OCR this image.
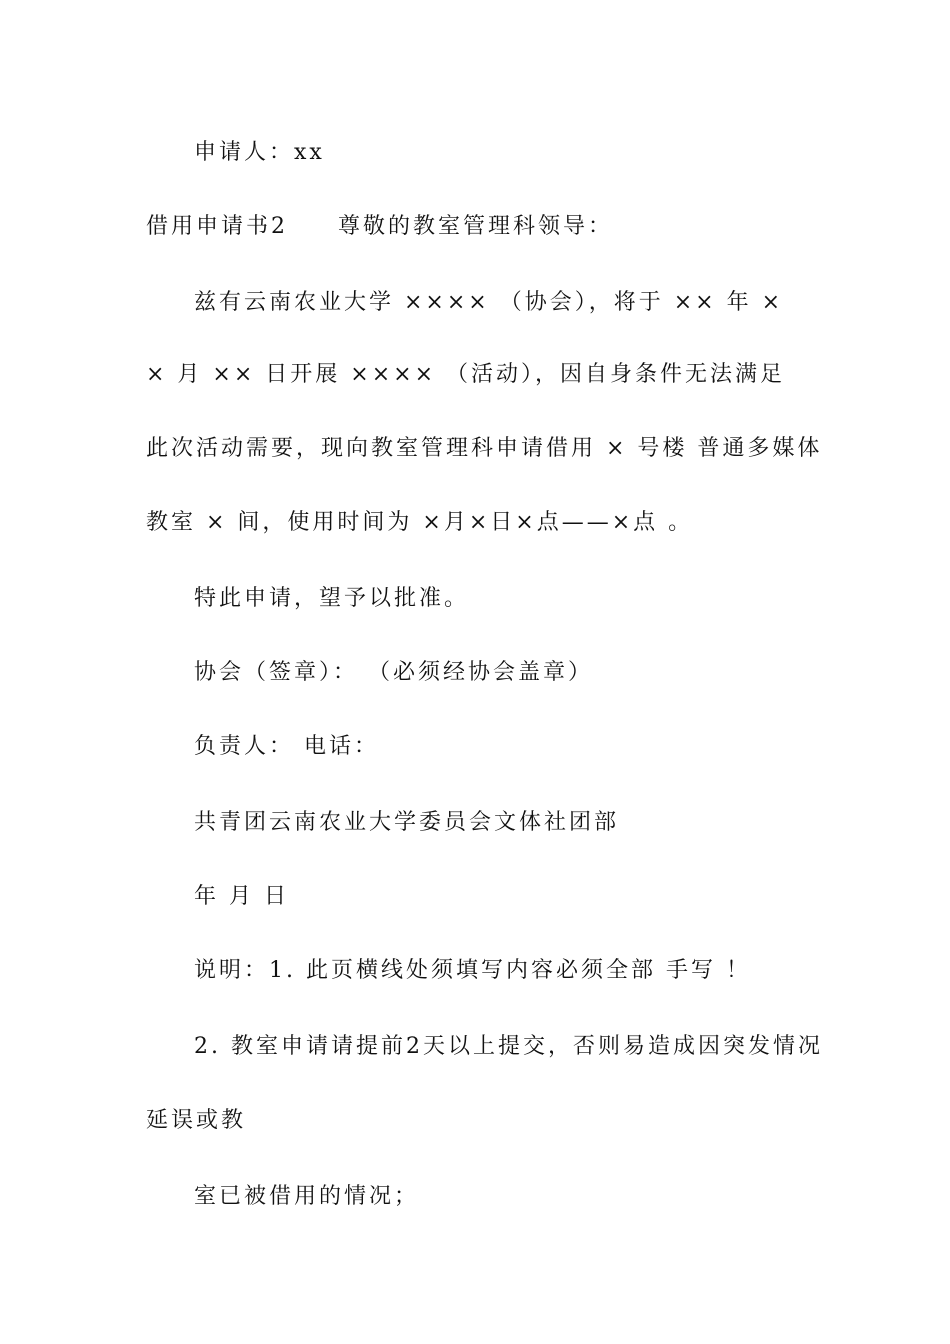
申请人：xx
借用申请书2　　尊敬的教室管理科领导：
兹有云南农业大学 ×××× （协会），将于 ×× 年 ×
× 月 ×× 日开展 ×××× （活动），因自身条件无法满足
此次活动需要，现向教室管理科申请借用 × 号楼 普通多媒体
教室 × 间，使用时间为 ×月×日×点——×点 。
特此申请，望予以批准。
协会（签章）： （必须经协会盖章）
负责人： 电话：
共青团云南农业大学委员会文体社团部
年 月 日
说明：1. 此页横线处须填写内容必须全部 手写 ！
2. 教室申请请提前2天以上提交，否则易造成因突发情况
延误或教
室已被借用的情况；
